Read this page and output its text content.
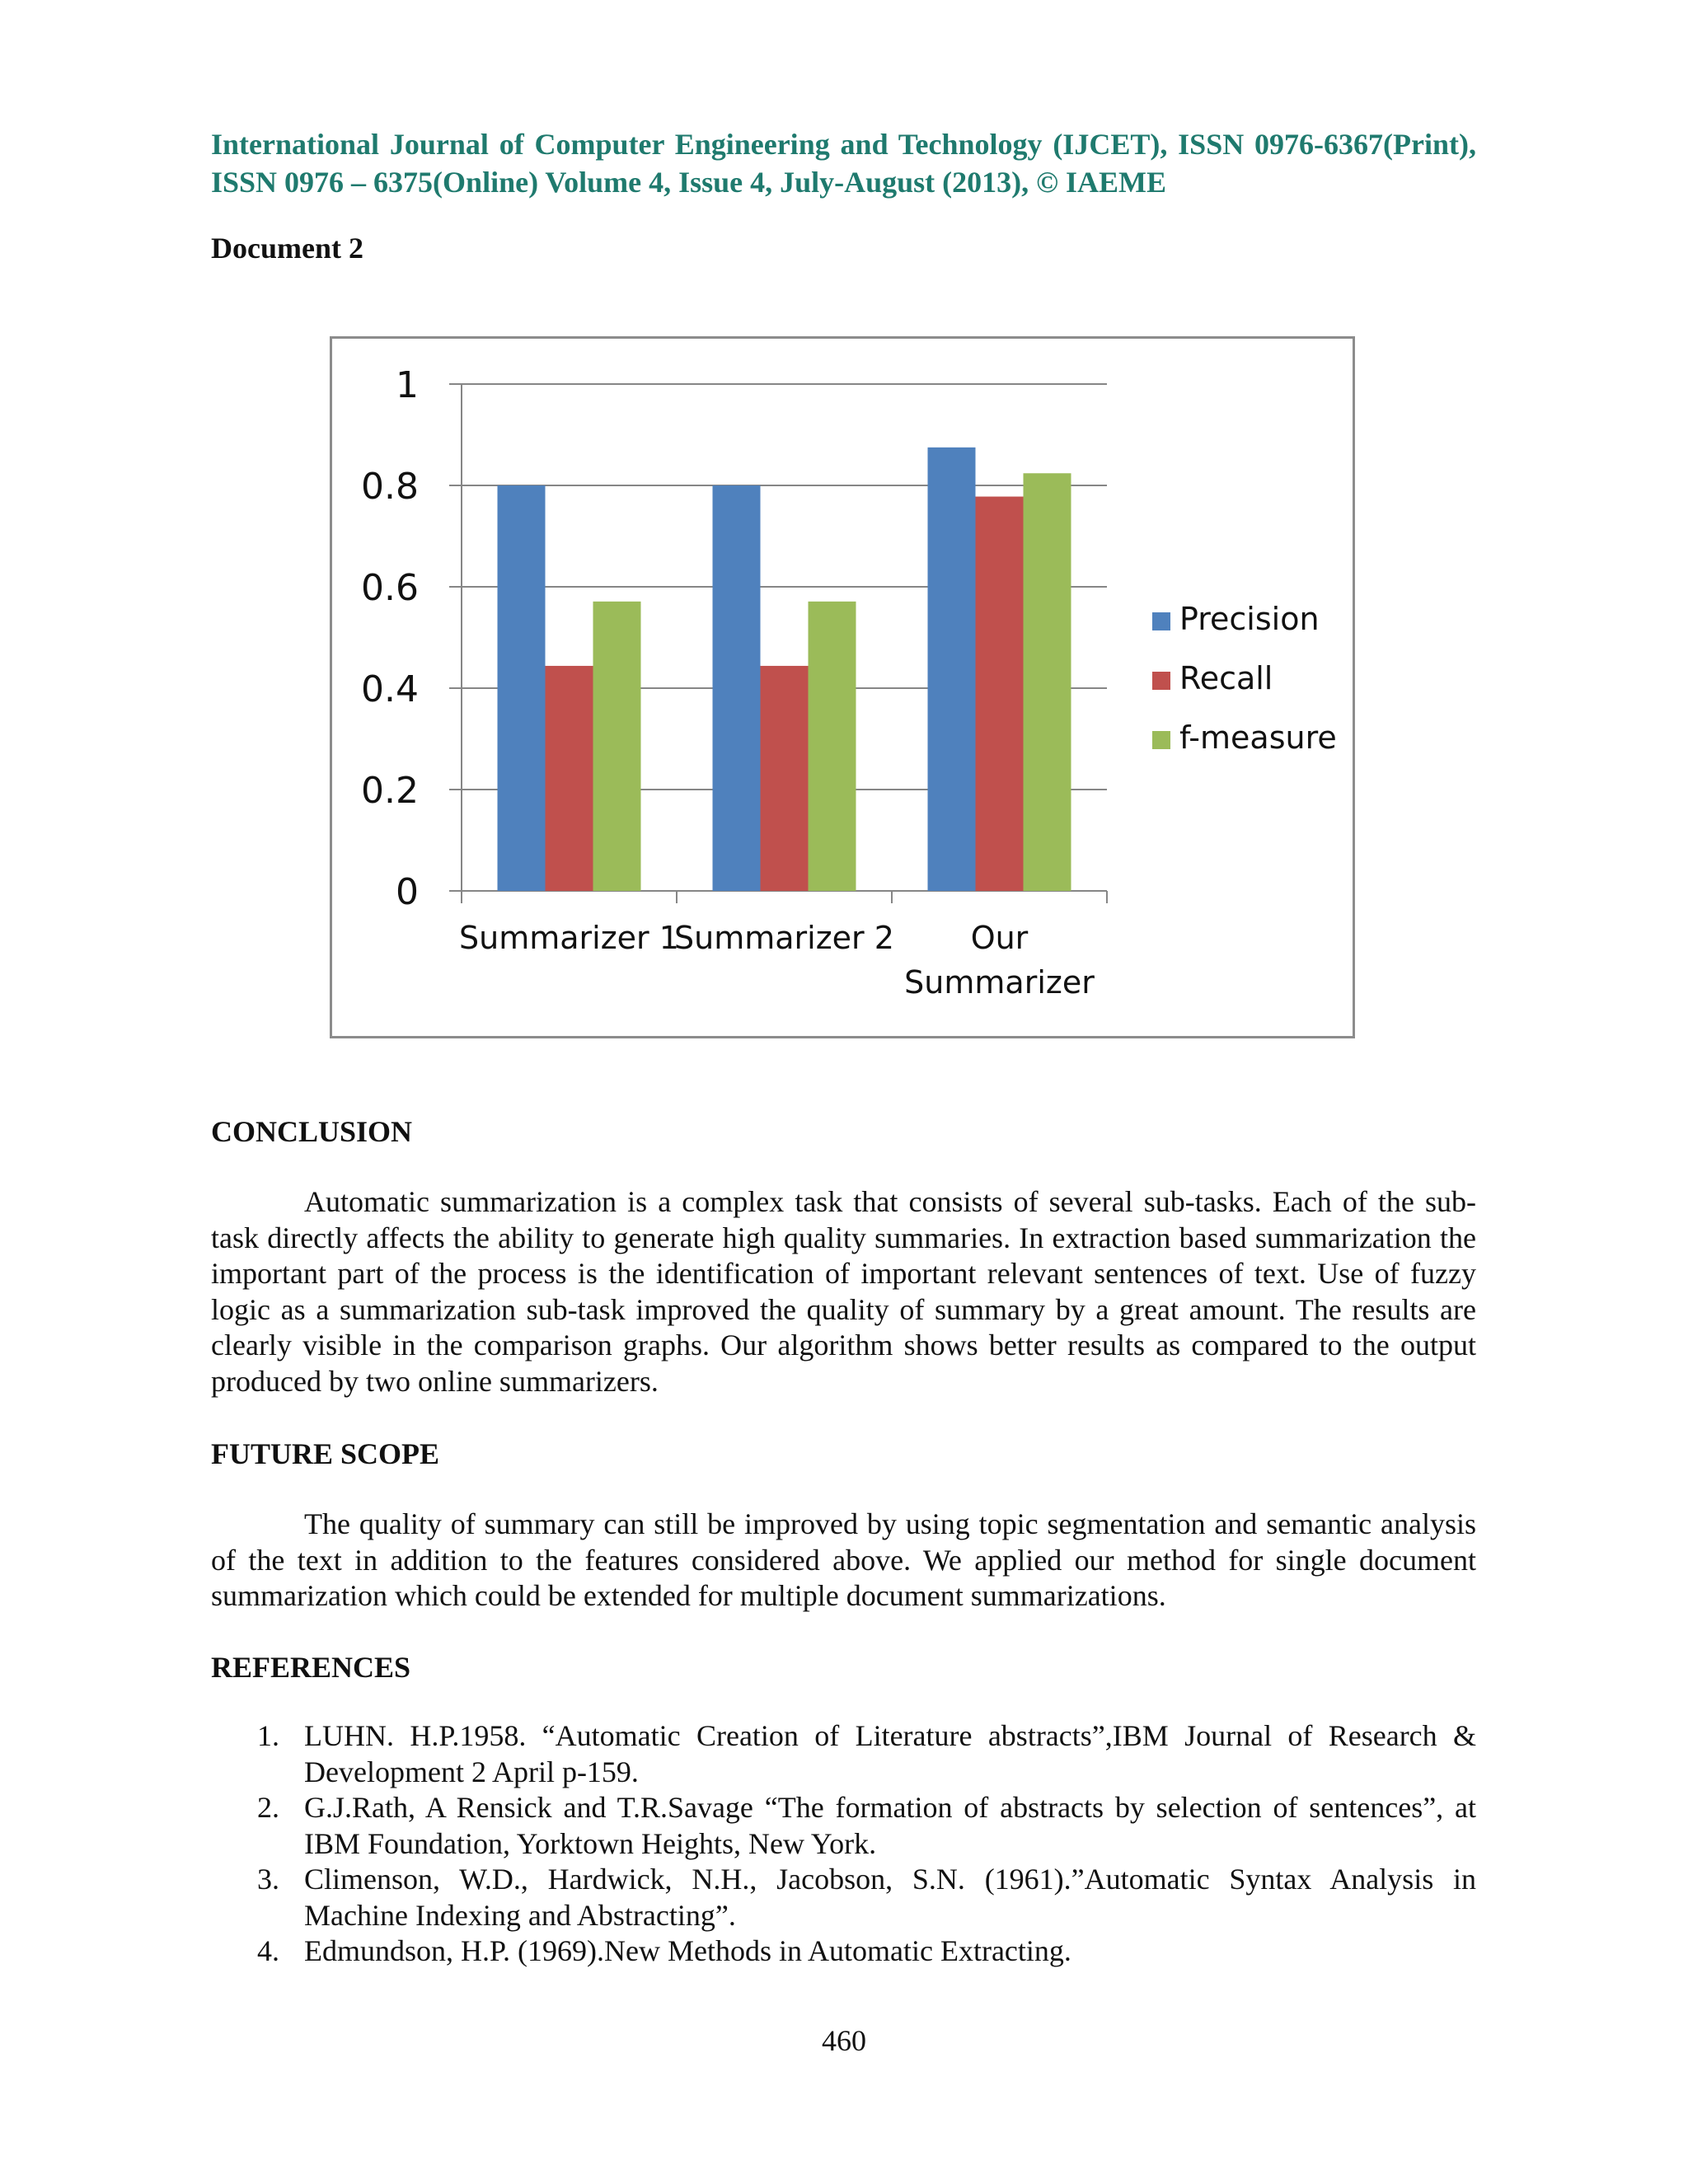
International Journal of Computer Engineering and Technology (IJCET), ISSN 0976-6367(Print), ISSN 0976 – 6375(Online) Volume 4, Issue 4, July-August (2013), © IAEME
Document 2
0
0.2
0.4
0.6
0.8
1
Summarizer 1
Summarizer 2 Our
Summarizer
Precision
Recall
f-measure
CONCLUSION
Automatic summarization is a complex task that consists of several sub-tasks. Each of the sub-task directly affects the ability to generate high quality summaries. In extraction based summarization the important part of the process is the identification of important relevant sentences of text. Use of fuzzy logic as a summarization sub-task improved the quality of summary by a great amount. The results are clearly visible in the comparison graphs. Our algorithm shows better results as compared to the output produced by two online summarizers.
FUTURE SCOPE
The quality of summary can still be improved by using topic segmentation and semantic analysis of the text in addition to the features considered above. We applied our method for single document summarization which could be extended for multiple document summarizations.
REFERENCES
1. LUHN. H.P.1958. “Automatic Creation of Literature abstracts”,IBM Journal of Research & Development 2 April p-159.
2. G.J.Rath, A Rensick and T.R.Savage “The formation of abstracts by selection of sentences”, at IBM Foundation, Yorktown Heights, New York.
3. Climenson, W.D., Hardwick, N.H., Jacobson, S.N. (1961).”Automatic Syntax Analysis in Machine Indexing and Abstracting”.
4. Edmundson, H.P. (1969).New Methods in Automatic Extracting.
460
